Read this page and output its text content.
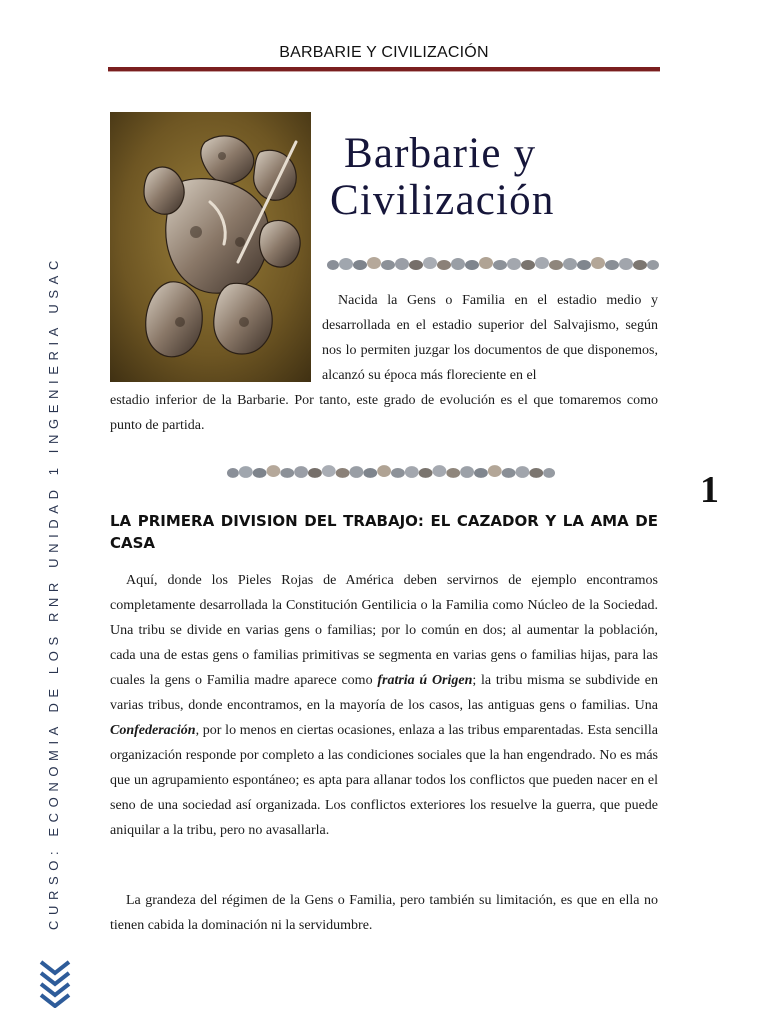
BARBARIE Y CIVILIZACIÓN
CURSO: ECONOMIA DE LOS RNR UNIDAD 1 INGENIERIA USAC	1
Barbarie y
Civilización
Nacida la Gens o Familia en el estadio medio y desarrollada en el estadio superior del Salvajismo, según nos lo permiten juzgar los documentos de que disponemos, alcanzó su época más floreciente en el
estadio inferior de la Barbarie. Por tanto, este grado de evolución es el que tomaremos como punto de partida.
LA PRIMERA DIVISION DEL TRABAJO: EL CAZADOR Y LA AMA DE CASA
Aquí, donde los Pieles Rojas de América deben servirnos de ejemplo encontramos completamente desarrollada la Constitución Gentilicia o la Familia como Núcleo de la Sociedad. Una tribu se divide en varias gens o familias; por lo común en dos; al aumentar la población, cada una de estas gens o familias primitivas se segmenta en varias gens o familias hijas, para las cuales la gens o Familia madre aparece como fratria ú Origen; la tribu misma se subdivide en varias tribus, donde encontramos, en la mayoría de los casos, las antiguas gens o familias. Una Confederación, por lo menos en ciertas ocasiones, enlaza a las tribus emparentadas. Esta sencilla organización responde por completo a las condiciones sociales que la han engendrado. No es más que un agrupamiento espontáneo; es apta para allanar todos los conflictos que pueden nacer en el seno de una sociedad así organizada. Los conflictos exteriores los resuelve la guerra, que puede aniquilar a la tribu, pero no avasallarla.
La grandeza del régimen de la Gens o Familia, pero también su limitación, es que en ella no tienen cabida la dominación ni la servidumbre.
